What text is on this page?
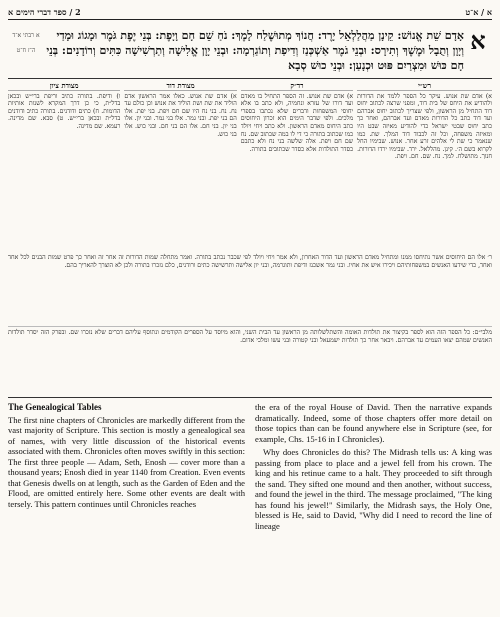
א / א־ט
2 / ספר דברי הימים א
א
אָדָם שֵׁת אֱנוֹשׁ: קֵינָן מַהֲלַלְאֵל יָרֶד: חֲנוֹךְ מְתוּשֶׁלַח לָמֶךְ: נֹחַ שֵׁם חָם וָיָפֶת: בְּנֵי יֶפֶת גֹּמֶר וּמָגוֹג וּמָדַי וְיָוָן וְתֻבָל וּמֶשֶׁךְ וְתִירָס: וּבְנֵי גֹמֶר אַשְׁכְּנַז וְדִיפַת וְתוֹגַרְמָה: וּבְנֵי יָוָן אֱלִישָׁה וְתַרְשִׁישָׁה כִּתִּים וְרוֹדָנִים: בְּנֵי חָם כּוּשׁ וּמִצְרַיִם פּוּט וּכְנָעַן: וּבְנֵי כוּשׁ סְבָא
א רבתי א־ד ה־ז ח־ט
רש״י
א) אדם שת אנוש. עיקר כל הספר ללמד את הדורות ולהודיע את היחס של בית דוד, ומפני שרצה לכתוב יחוס דוד התחיל מן הראשון, ולפי שצריך לכתוב יחוס אברהם ועד דוד כתב כל הדורות מאדם ועד אברהם, ואחר כך כתב יחוס שבטי ישראל כדי להודיע מאיזה שבט היו ומאיזה משפחה, וכל זה לכבוד דוד המלך. שת. כמו שנאמר כי שת לי אלהים זרע אחר. אנוש. שבימיו החל לקרוא בשם ה׳. קינן. מהללאל. ירד. שבימיו ירדו הדורות. חנוך. מתושלח. למך. נח. שם. חם. ויפת.
רד״ק
א) אדם שת אנוש. זה הספר התחיל בו מאדם ועד דורו של עזרא ונחמיה, ולא כתב בו אלא יחוסי המשפחות ודברים שלא נכתבו בספרי מלכים. ולפי שדבר הימים הוא זכרון היחוסים כתב היחוס מאדם הראשון. ולא כתב ויחי ויולד כמו שכתוב בתורה כי די לו במה שכתוב שם. נח שם חם ויפת. אלה שלשה בני נח ולא כתבם כסדר התולדות אלא כסדר שכתובים בתורה.
מצודת דוד
א) אדם שת אנוש. כאלו אמר הראשון אדם הוליד את שת ושת הוליד את אנוש וכן כולם עד נח. נח. בני נח היו שם חם ויפת. בני יפת. אלו הם בני יפת. ובני גמר. אלו בני גמר. ובני יון. אלו בני יון. בני חם. אלו הם בני חם. ובני כוש. אלו בני כוש.
מצודת ציון
ו) ודיפת. בתורה כתיב וריפת ברי״ש ובכאן בדל״ת, כי כן דרך המקרא לשנות אותיות הדומות. ח) כתים ודודנים. בתורה כתיב ודודנים בדל״ת ובכאן ברי״ש. ט) סבא. שם מדינה. רעמא. שם מדינה.
ר׳ אלו הם היחוסים אשר נתיחסו ממנו ומתחיל מאדם הראשון ועד הדור האחרון, ולא אמר ויחי ויולד לפי שכבר נכתב בתורה. ואמר מתחלה שמות הדורות זה אחר זה ואחר כך פרט שמות הבנים לכל אחד ואחד, כדי שידעו האנשים במשפחותיהם ויכירו איש את אחיו. ובני גמר אשכנז ודיפת ותוגרמה, ובני יון אלישה ותרשישה כתים ורודנים, כלם נזכרו בתורה ולכן לא הוצרך להאריך בהם.
מלבי״ם: כל הספר הזה הוא לספר בקיצור את תולדות האומה והשתלשלותה מן הראשון עד הבית השני, והוא מיוסד על הספרים הקודמים ונתוסף עליהם דברים שלא נזכרו שם. ובפרק הזה יסדר תולדות האנשים שמהם יצאו העמים עד אברהם. ויבאר אחר כך תולדות ישמעאל ובני קטורה ובני עשו ומלכי אדום.
The Genealogical Tables

The first nine chapters of Chronicles are markedly different from the vast majority of Scripture. This section is mostly a genealogical sea of names, with very little discussion of the historical events associated with them. Chronicles often moves swiftly in this section: The first three people — Adam, Seth, Enosh — cover more than a thousand years; Enosh died in year 1140 from Creation. Even events that Genesis dwells on at length, such as the Garden of Eden and the Flood, are omitted entirely here. Some other events are dealt with tersely. This pattern continues until Chronicles reaches

the era of the royal House of David. Then the narrative expands dramatically. Indeed, some of those chapters offer more detail on those topics than can be found anywhere else in Scripture (see, for example, Chs. 15-16 in I Chronicles).

Why does Chronicles do this? The Midrash tells us: A king was passing from place to place and a jewel fell from his crown. The king and his retinue came to a halt. They proceeded to sift through the sand. They sifted one mound and then another, without success, and found the jewel in the third. The message proclaimed, "The king has found his jewel!" Similarly, the Midrash says, the Holy One, blessed is He, said to David, "Why did I need to record the line of lineage
